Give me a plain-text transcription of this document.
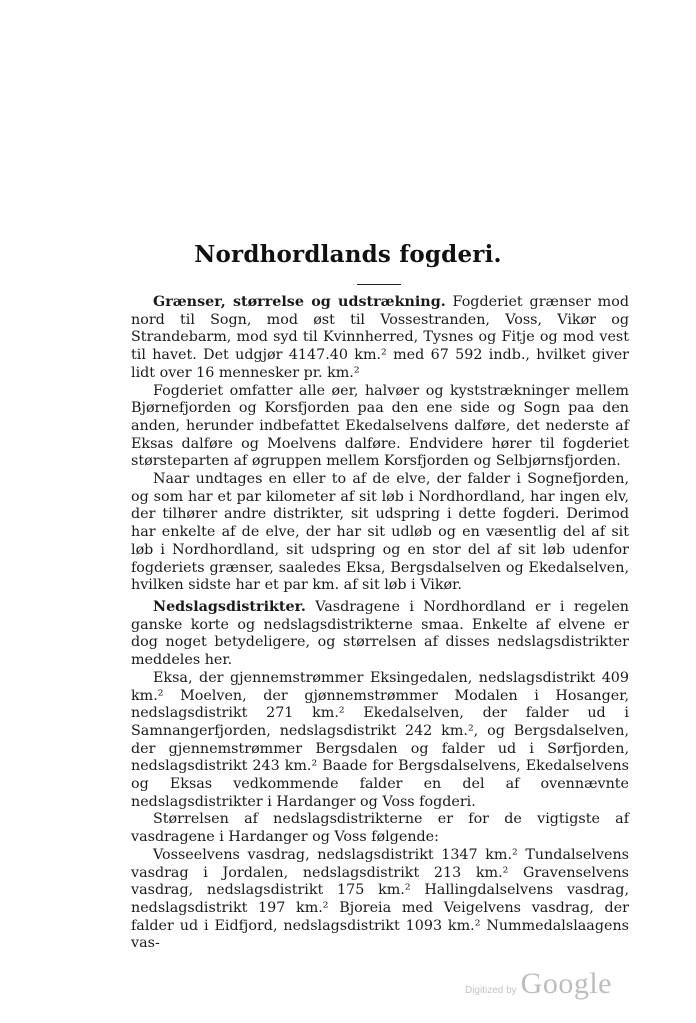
Nordhordlands fogderi.

Grænser, størrelse og udstrækning. Fogderiet grænser mod nord til Sogn, mod øst til Vossestranden, Voss, Vikør og Strandebarm, mod syd til Kvinnherred, Tysnes og Fitje og mod vest til havet. Det udgjør 4147.40 km.² med 67 592 indb., hvilket giver lidt over 16 mennesker pr. km.²

Fogderiet omfatter alle øer, halvøer og kyststrækninger mellem Bjørnefjorden og Korsfjorden paa den ene side og Sogn paa den anden, herunder indbefattet Ekedalselvens dalføre, det nederste af Eksas dalføre og Moelvens dalføre. Endvidere hører til fogderiet størsteparten af øgruppen mellem Korsfjorden og Selbjørnsfjorden.

Naar undtages en eller to af de elve, der falder i Sognefjorden, og som har et par kilometer af sit løb i Nordhordland, har ingen elv, der tilhører andre distrikter, sit udspring i dette fogderi. Derimod har enkelte af de elve, der har sit udløb og en væsentlig del af sit løb i Nordhordland, sit udspring og en stor del af sit løb udenfor fogderiets grænser, saaledes Eksa, Bergsdalselven og Ekedalselven, hvilken sidste har et par km. af sit løb i Vikør.

Nedslagsdistrikter. Vasdragene i Nordhordland er i regelen ganske korte og nedslagsdistrikterne smaa. Enkelte af elvene er dog noget betydeligere, og størrelsen af disses nedslagsdistrikter meddeles her.

Eksa, der gjennemstrømmer Eksingedalen, nedslagsdistrikt 409 km.² Moelven, der gjønnemstrømmer Modalen i Hosanger, nedslagsdistrikt 271 km.² Ekedalselven, der falder ud i Samnangerfjorden, nedslagsdistrikt 242 km.², og Bergsdalselven, der gjennemstrømmer Bergsdalen og falder ud i Sørfjorden, nedslagsdistrikt 243 km.² Baade for Bergsdalselvens, Ekedalselvens og Eksas vedkommende falder en del af ovennævnte nedslagsdistrikter i Hardanger og Voss fogderi.

Størrelsen af nedslagsdistrikterne er for de vigtigste af vasdragene i Hardanger og Voss følgende:

Vosseelvens vasdrag, nedslagsdistrikt 1347 km.² Tundalselvens vasdrag i Jordalen, nedslagsdistrikt 213 km.² Gravenselvens vasdrag, nedslagsdistrikt 175 km.² Hallingdalselvens vasdrag, nedslagsdistrikt 197 km.² Bjoreia med Veigelvens vasdrag, der falder ud i Eidfjord, nedslagsdistrikt 1093 km.² Nummedalslaagens vas-

Digitized by Google
